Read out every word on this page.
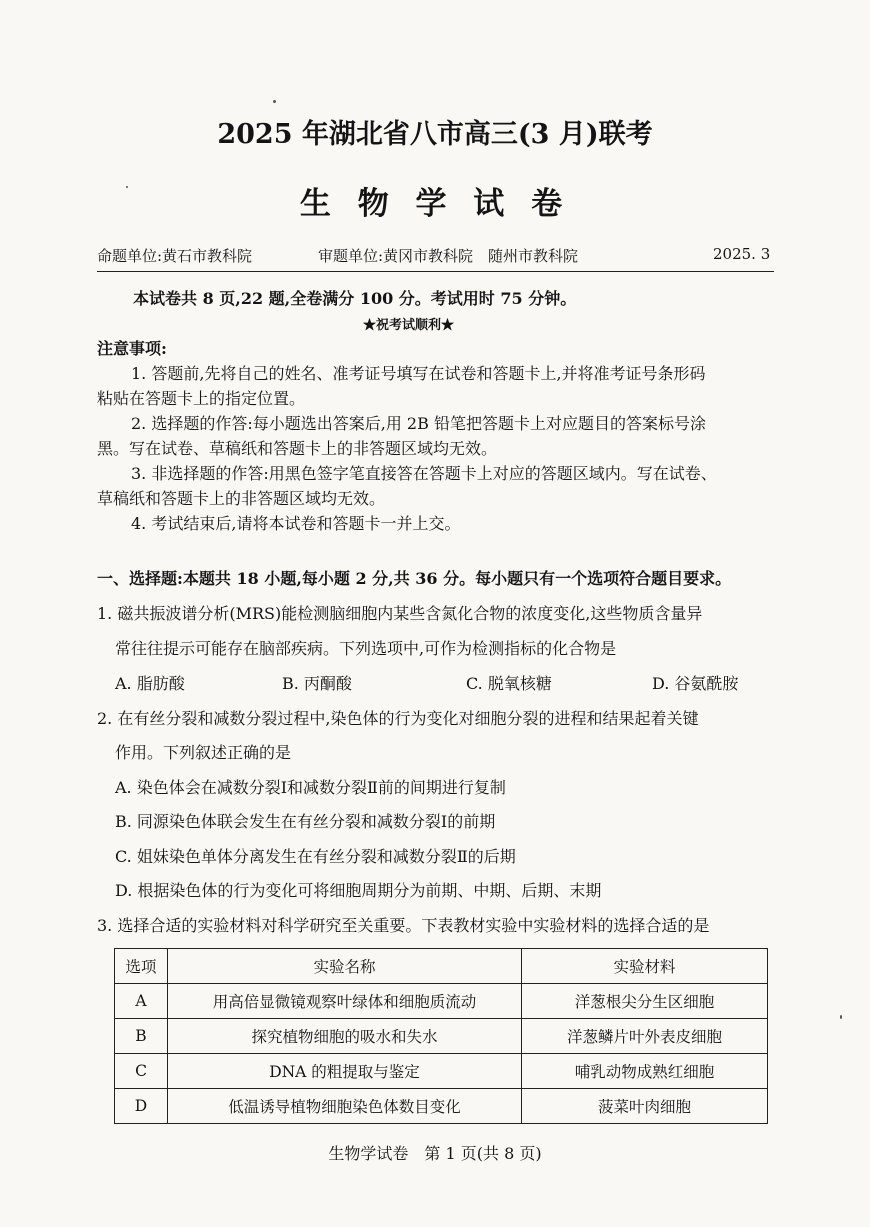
2025 年湖北省八市高三(3 月)联考
生 物 学 试 卷
命题单位:黄石市教科院	审题单位:黄冈市教科院　随州市教科院	2025. 3
本试卷共 8 页,22 题,全卷满分 100 分。考试用时 75 分钟。
★祝考试顺利★
注意事项:
1. 答题前,先将自己的姓名、准考证号填写在试卷和答题卡上,并将准考证号条形码
粘贴在答题卡上的指定位置。
2. 选择题的作答:每小题选出答案后,用 2B 铅笔把答题卡上对应题目的答案标号涂
黑。写在试卷、草稿纸和答题卡上的非答题区域均无效。
3. 非选择题的作答:用黑色签字笔直接答在答题卡上对应的答题区域内。写在试卷、
草稿纸和答题卡上的非答题区域均无效。
4. 考试结束后,请将本试卷和答题卡一并上交。
一、选择题:本题共 18 小题,每小题 2 分,共 36 分。每小题只有一个选项符合题目要求。
1. 磁共振波谱分析(MRS)能检测脑细胞内某些含氮化合物的浓度变化,这些物质含量异
常往往提示可能存在脑部疾病。下列选项中,可作为检测指标的化合物是
A. 脂肪酸	B. 丙酮酸	C. 脱氧核糖	D. 谷氨酰胺
2. 在有丝分裂和减数分裂过程中,染色体的行为变化对细胞分裂的进程和结果起着关键
作用。下列叙述正确的是
A. 染色体会在减数分裂Ⅰ和减数分裂Ⅱ前的间期进行复制
B. 同源染色体联会发生在有丝分裂和减数分裂Ⅰ的前期
C. 姐妹染色单体分离发生在有丝分裂和减数分裂Ⅱ的后期
D. 根据染色体的行为变化可将细胞周期分为前期、中期、后期、末期
3. 选择合适的实验材料对科学研究至关重要。下表教材实验中实验材料的选择合适的是
选项	实验名称	实验材料
A	用高倍显微镜观察叶绿体和细胞质流动	洋葱根尖分生区细胞
B	探究植物细胞的吸水和失水	洋葱鳞片叶外表皮细胞
C	DNA 的粗提取与鉴定	哺乳动物成熟红细胞
D	低温诱导植物细胞染色体数目变化	菠菜叶肉细胞
生物学试卷　第 1 页(共 8 页)
